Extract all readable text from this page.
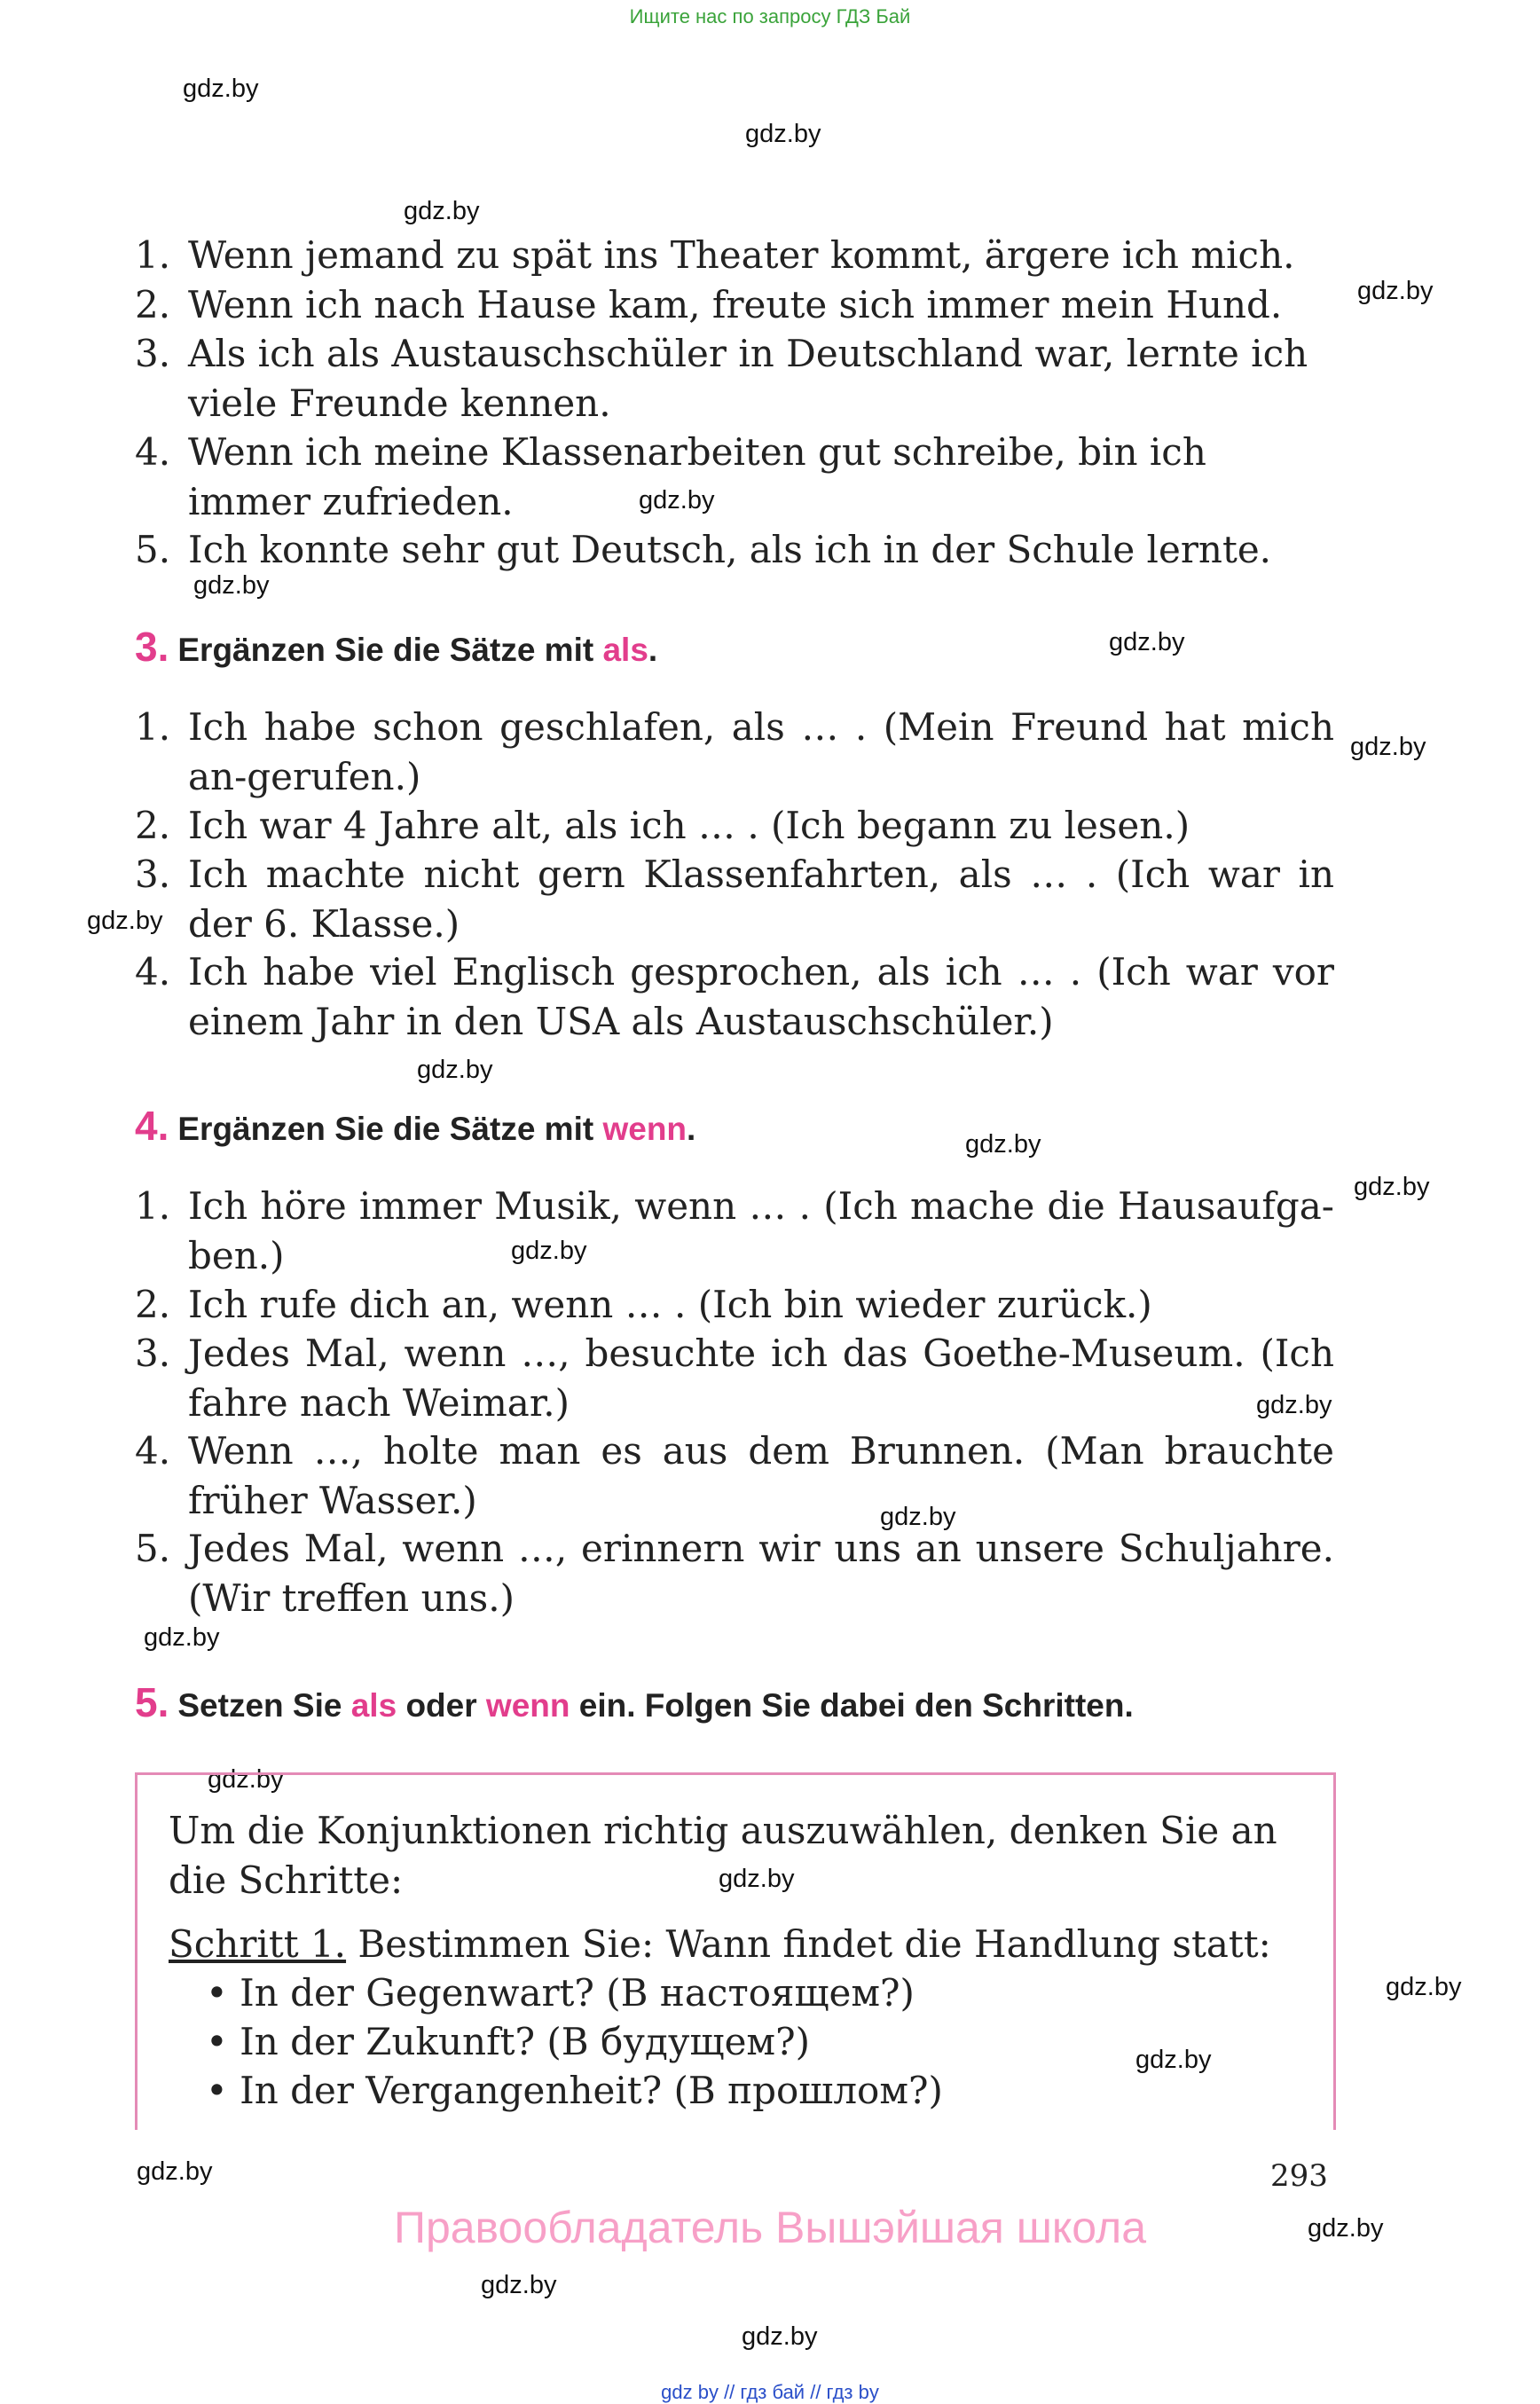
Ищите нас по запросу ГДЗ Бай
gdz.by
gdz.by
gdz.by
gdz.by
gdz.by
gdz.by
gdz.by
gdz.by
gdz.by
gdz.by
gdz.by
gdz.by
gdz.by
gdz.by
gdz.by
gdz.by
gdz.by
gdz.by
gdz.by
gdz.by
gdz.by
gdz.by
gdz.by
gdz.by
1. Wenn jemand zu spät ins Theater kommt, ärgere ich mich.
2. Wenn ich nach Hause kam, freute sich immer mein Hund.
3. Als ich als Austauschschüler in Deutschland war, lernte ich viele Freunde kennen.
4. Wenn ich meine Klassenarbeiten gut schreibe, bin ich immer zufrieden.
5. Ich konnte sehr gut Deutsch, als ich in der Schule lernte.
3. Ergänzen Sie die Sätze mit als.
1. Ich habe schon geschlafen, als … . (Mein Freund hat mich an-gerufen.)
2. Ich war 4 Jahre alt, als ich … . (Ich begann zu lesen.)
3. Ich machte nicht gern Klassenfahrten, als … . (Ich war in der 6. Klasse.)
4. Ich habe viel Englisch gesprochen, als ich … . (Ich war vor einem Jahr in den USA als Austauschschüler.)
4. Ergänzen Sie die Sätze mit wenn.
1. Ich höre immer Musik, wenn … . (Ich mache die Hausaufga-ben.)
2. Ich rufe dich an, wenn … . (Ich bin wieder zurück.)
3. Jedes Mal, wenn …, besuchte ich das Goethe-Museum. (Ich fahre nach Weimar.)
4. Wenn …, holte man es aus dem Brunnen. (Man brauchte früher Wasser.)
5. Jedes Mal, wenn …, erinnern wir uns an unsere Schuljahre. (Wir treffen uns.)
5. Setzen Sie als oder wenn ein. Folgen Sie dabei den Schritten.
Um die Konjunktionen richtig auszuwählen, denken Sie an die Schritte:
Schritt 1. Bestimmen Sie: Wann findet die Handlung statt:
• In der Gegenwart? (В настоящем?)
• In der Zukunft? (В будущем?)
• In der Vergangenheit? (В прошлом?)
293
Правообладатель Вышэйшая школа
gdz by // гдз бай // гдз by
